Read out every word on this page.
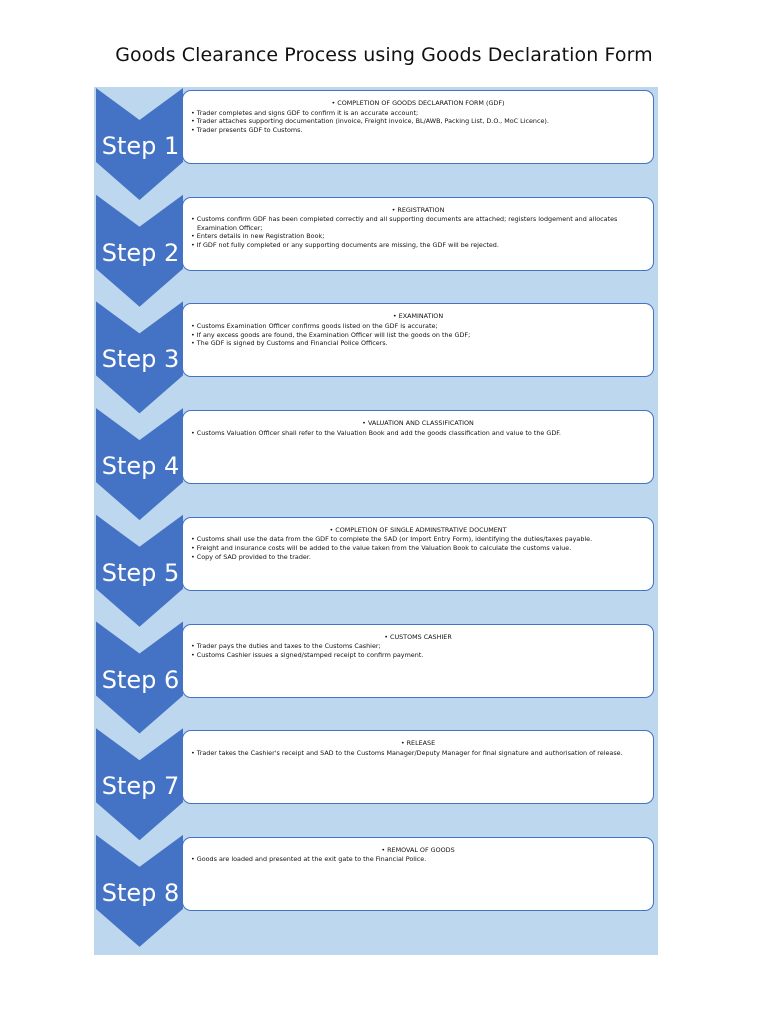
Goods Clearance Process using Goods Declaration Form
Step 1
• COMPLETION OF GOODS DECLARATION FORM (GDF)
• Trader completes and signs GDF to confirm it is an accurate account;
• Trader attaches supporting documentation (invoice, Freight invoice, BL/AWB, Packing List, D.O., MoC Licence).
• Trader presents GDF to Customs.
Step 2
• REGISTRATION
• Customs confirm GDF has been completed correctly and all supporting documents are attached; registers lodgement and allocates Examination Officer;
• Enters details in new Registration Book;
• If GDF not fully completed or any supporting documents are missing, the GDF will be rejected.
Step 3
• EXAMINATION
• Customs Examination Officer confirms goods listed on the GDF is accurate;
• If any excess goods are found, the Examination Officer will list the goods on the GDF;
• The GDF is signed by Customs and Financial Police Officers.
Step 4
• VALUATION AND CLASSIFICATION
• Customs Valuation Officer shall refer to the Valuation Book and add the goods classification and value to the GDF.
Step 5
• COMPLETION OF SINGLE ADMINSTRATIVE DOCUMENT
• Customs shall use the data from the GDF to complete the SAD (or Import Entry Form), identifying the duties/taxes payable.
• Freight and insurance costs will be added to the value taken from the Valuation Book to calculate the customs value.
• Copy of SAD provided to the trader.
Step 6
• CUSTOMS CASHIER
• Trader pays the duties and taxes to the Customs Cashier;
• Customs Cashier issues a signed/stamped receipt to confirm payment.
Step 7
• RELEASE
• Trader takes the Cashier's receipt and SAD to the Customs Manager/Deputy Manager for final signature and authorisation of release.
Step 8
• REMOVAL OF GOODS
• Goods are loaded and presented at the exit gate to the Financial Police.
